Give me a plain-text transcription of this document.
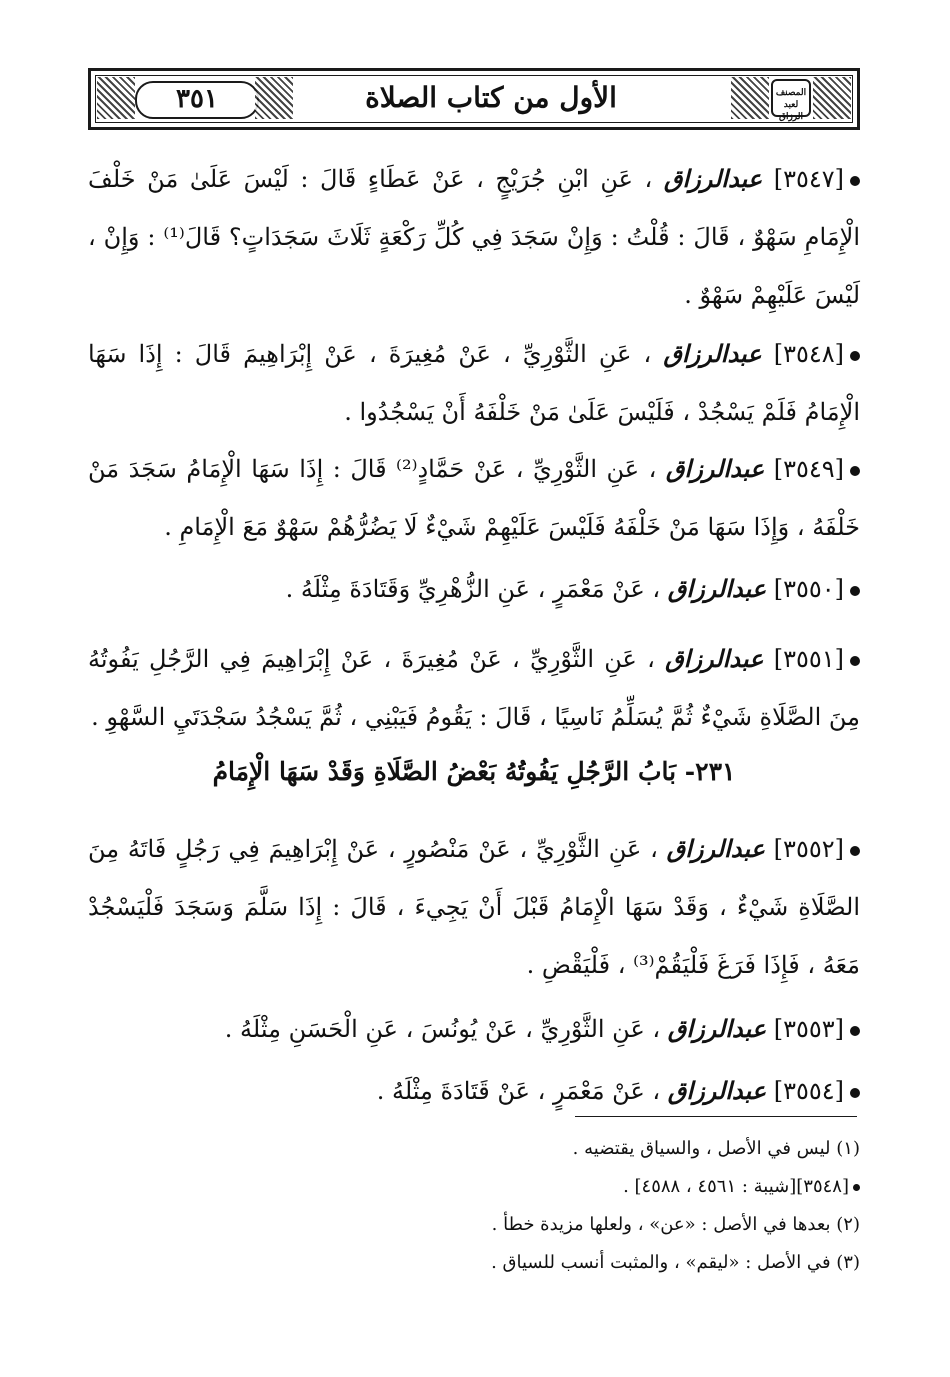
٣٥١	الأول من كتاب الصلاة	المصنف لعبد الرزاق

[٣٥٤٧] عبدالرزاق ، عَنِ ابْنِ جُرَيْجٍ ، عَنْ عَطَاءٍ قَالَ : لَيْسَ عَلَىٰ مَنْ خَلْفَ الْإِمَامِ سَهْوٌ ، قَالَ : قُلْتُ : وَإِنْ سَجَدَ فِي كُلِّ رَكْعَةٍ ثَلَاثَ سَجَدَاتٍ؟ قَالَ⁽¹⁾ : وَإِنْ ، لَيْسَ عَلَيْهِمْ سَهْوٌ .

[٣٥٤٨] عبدالرزاق ، عَنِ الثَّوْرِيِّ ، عَنْ مُغِيرَةَ ، عَنْ إِبْرَاهِيمَ قَالَ : إِذَا سَهَا الْإِمَامُ فَلَمْ يَسْجُدْ ، فَلَيْسَ عَلَىٰ مَنْ خَلْفَهُ أَنْ يَسْجُدُوا .

[٣٥٤٩] عبدالرزاق ، عَنِ الثَّوْرِيِّ ، عَنْ حَمَّادٍ⁽²⁾ قَالَ : إِذَا سَهَا الْإِمَامُ سَجَدَ مَنْ خَلْفَهُ ، وَإِذَا سَهَا مَنْ خَلْفَهُ فَلَيْسَ عَلَيْهِمْ شَيْءٌ لَا يَضُرُّهُمْ سَهْوٌ مَعَ الْإِمَامِ .

[٣٥٥٠] عبدالرزاق ، عَنْ مَعْمَرٍ ، عَنِ الزُّهْرِيِّ وَقَتَادَةَ مِثْلَهُ .

[٣٥٥١] عبدالرزاق ، عَنِ الثَّوْرِيِّ ، عَنْ مُغِيرَةَ ، عَنْ إِبْرَاهِيمَ فِي الرَّجُلِ يَفُوتُهُ مِنَ الصَّلَاةِ شَيْءٌ ثُمَّ يُسَلِّمُ نَاسِيًا ، قَالَ : يَقُومُ فَيَبْنِي ، ثُمَّ يَسْجُدُ سَجْدَتَيِ السَّهْوِ .

٢٣١- بَابُ الرَّجُلِ يَفُوتُهُ بَعْضُ الصَّلَاةِ وَقَدْ سَهَا الْإِمَامُ

[٣٥٥٢] عبدالرزاق ، عَنِ الثَّوْرِيِّ ، عَنْ مَنْصُورٍ ، عَنْ إِبْرَاهِيمَ فِي رَجُلٍ فَاتَهُ مِنَ الصَّلَاةِ شَيْءٌ ، وَقَدْ سَهَا الْإِمَامُ قَبْلَ أَنْ يَجِيءَ ، قَالَ : إِذَا سَلَّمَ وَسَجَدَ فَلْيَسْجُدْ مَعَهُ ، فَإِذَا فَرَغَ فَلْيَقُمْ⁽³⁾ ، فَلْيَقْضِ .

[٣٥٥٣] عبدالرزاق ، عَنِ الثَّوْرِيِّ ، عَنْ يُونُسَ ، عَنِ الْحَسَنِ مِثْلَهُ .

[٣٥٥٤] عبدالرزاق ، عَنْ مَعْمَرٍ ، عَنْ قَتَادَةَ مِثْلَهُ .

(١) ليس في الأصل ، والسياق يقتضيه .

[٣٥٤٨][شيبة : ٤٥٦١ ، ٤٥٨٨] .

(٢) بعدها في الأصل : «عن» ، ولعلها مزيدة خطأ .

(٣) في الأصل : «ليقم» ، والمثبت أنسب للسياق .
